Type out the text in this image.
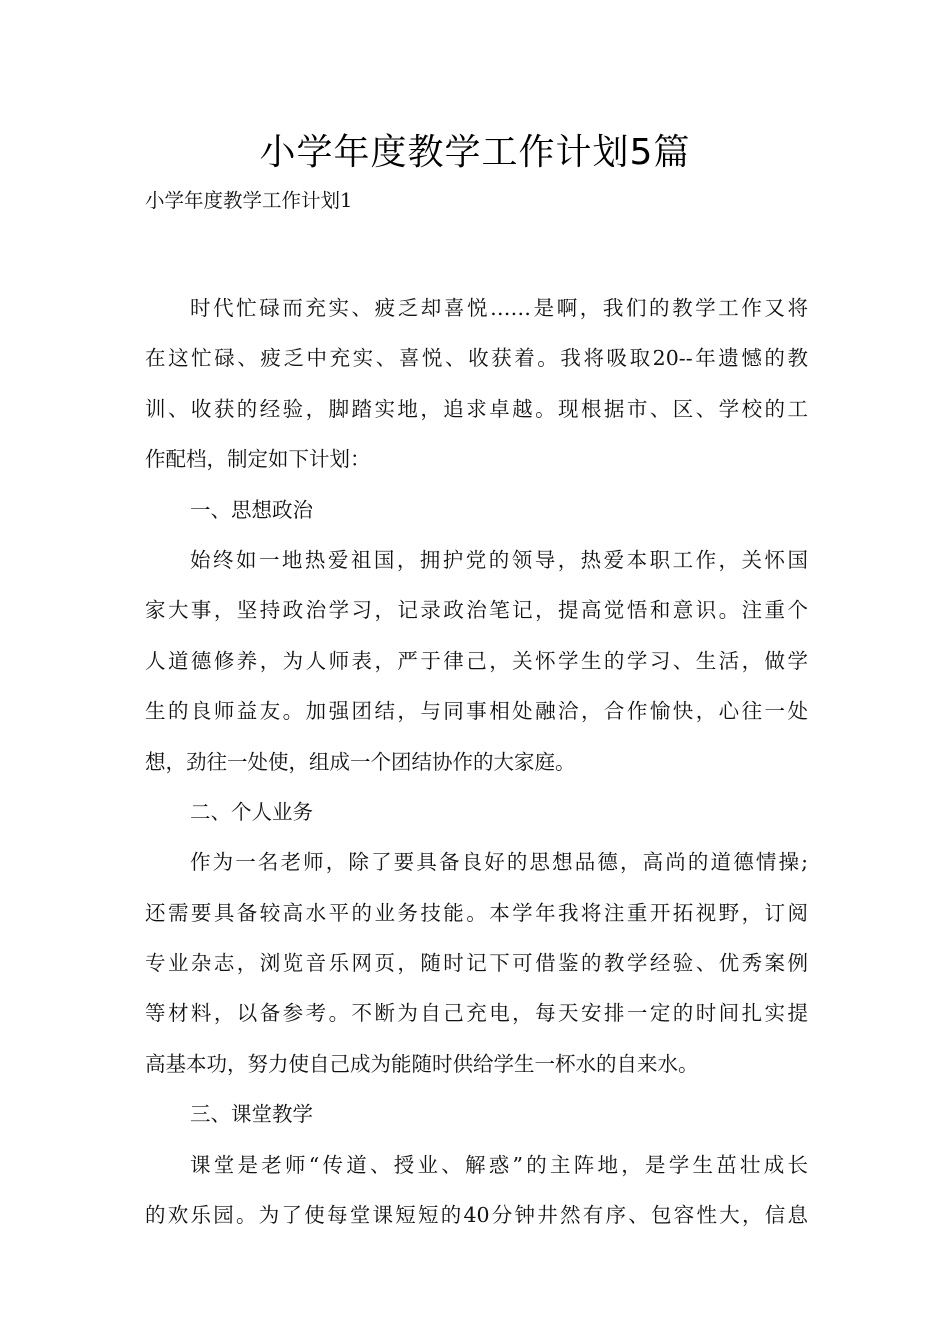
小学年度教学工作计划5篇
小学年度教学工作计划1
时代忙碌而充实、疲乏却喜悦……是啊，我们的教学工作又将
在这忙碌、疲乏中充实、喜悦、收获着。我将吸取20--年遗憾的教
训、收获的经验，脚踏实地，追求卓越。现根据市、区、学校的工
作配档，制定如下计划：
一、思想政治
始终如一地热爱祖国，拥护党的领导，热爱本职工作，关怀国
家大事，坚持政治学习，记录政治笔记，提高觉悟和意识。注重个
人道德修养，为人师表，严于律己，关怀学生的学习、生活，做学
生的良师益友。加强团结，与同事相处融洽，合作愉快，心往一处
想，劲往一处使，组成一个团结协作的大家庭。
二、个人业务
作为一名老师，除了要具备良好的思想品德，高尚的道德情操;
还需要具备较高水平的业务技能。本学年我将注重开拓视野，订阅
专业杂志，浏览音乐网页，随时记下可借鉴的教学经验、优秀案例
等材料，以备参考。不断为自己充电，每天安排一定的时间扎实提
高基本功，努力使自己成为能随时供给学生一杯水的自来水。
三、课堂教学
课堂是老师“传道、授业、解惑”的主阵地，是学生茁壮成长
的欢乐园。为了使每堂课短短的40分钟井然有序、包容性大，信息
